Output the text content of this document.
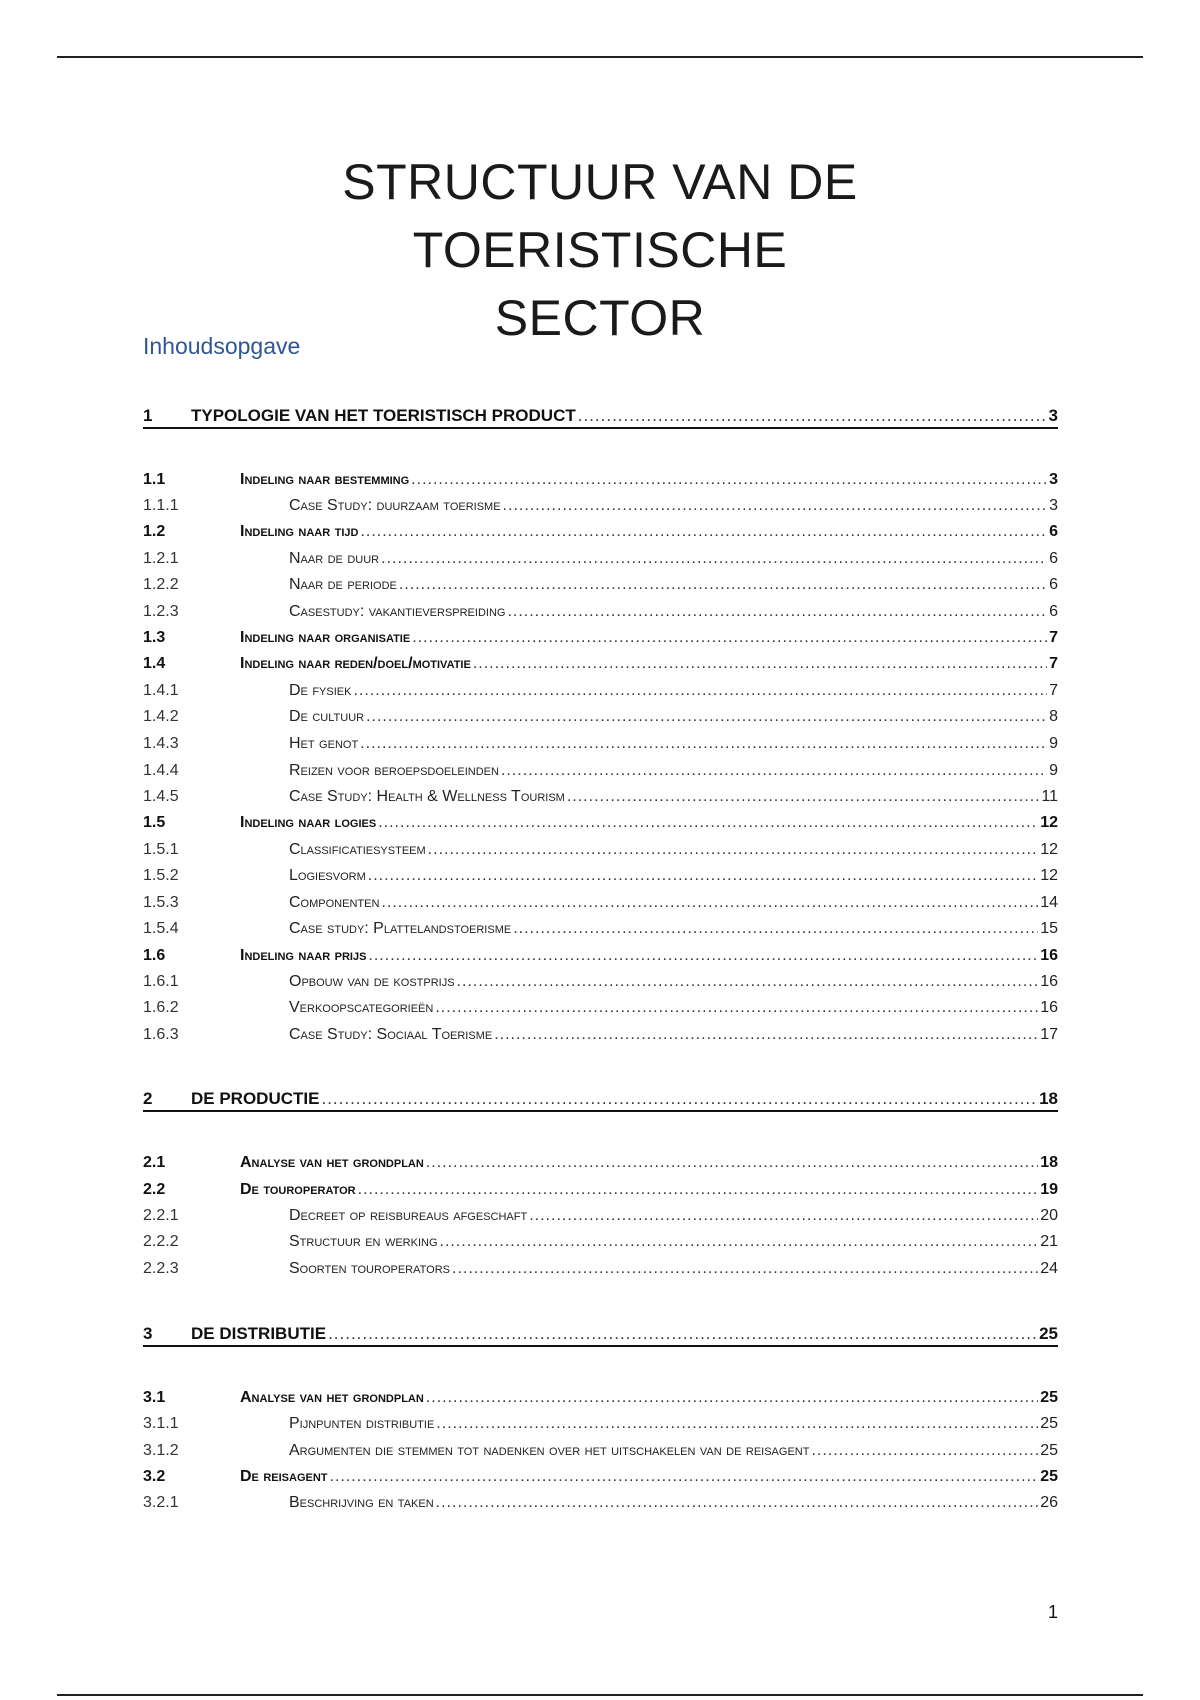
STRUCTUUR VAN DE TOERISTISCHE
SECTOR
Inhoudsopgave
1	TYPOLOGIE VAN HET TOERISTISCH PRODUCT .....	3
1.1	Indeling naar bestemming .....	3
1.1.1	Case Study: duurzaam toerisme .....	3
1.2	Indeling naar tijd .....	6
1.2.1	Naar de duur .....	6
1.2.2	Naar de periode .....	6
1.2.3	Casestudy: vakantieverspreiding .....	6
1.3	Indeling naar organisatie .....	7
1.4	Indeling naar reden/doel/motivatie .....	7
1.4.1	De fysiek .....	7
1.4.2	De cultuur .....	8
1.4.3	Het genot .....	9
1.4.4	Reizen voor beroepsdoeleinden .....	9
1.4.5	Case Study: Health & Wellness Tourism .....	11
1.5	Indeling naar logies .....	12
1.5.1	Classificatiesysteem .....	12
1.5.2	Logiesvorm .....	12
1.5.3	Componenten .....	14
1.5.4	Case study: Plattelandstoerisme .....	15
1.6	Indeling naar prijs .....	16
1.6.1	Opbouw van de kostprijs .....	16
1.6.2	Verkoopscategorieën .....	16
1.6.3	Case Study: Sociaal Toerisme .....	17
2	DE PRODUCTIE .....	18
2.1	Analyse van het grondplan .....	18
2.2	De touroperator .....	19
2.2.1	Decreet op reisbureaus afgeschaft .....	20
2.2.2	Structuur en werking .....	21
2.2.3	Soorten touroperators .....	24
3	DE DISTRIBUTIE .....	25
3.1	Analyse van het grondplan .....	25
3.1.1	Pijnpunten distributie .....	25
3.1.2	Argumenten die stemmen tot nadenken over het uitschakelen van de reisagent .....	25
3.2	De reisagent .....	25
3.2.1	Beschrijving en taken .....	26
1
